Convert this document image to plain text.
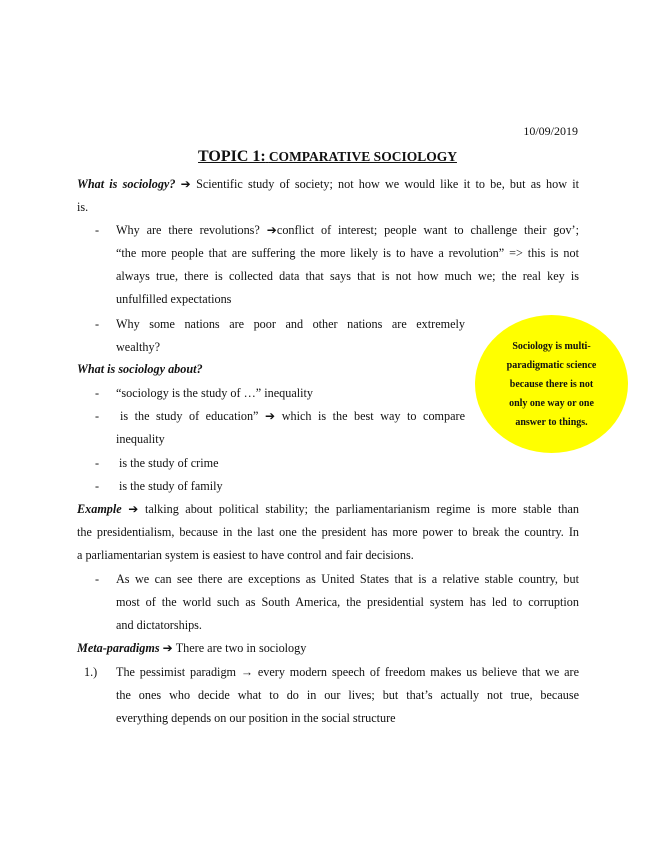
10/09/2019
TOPIC 1: COMPARATIVE SOCIOLOGY
What is sociology? ➔ Scientific study of society; not how we would like it to be, but as how it
is.
- Why are there revolutions? ➔conflict of interest; people want to challenge their gov’;
“the more people that are suffering the more likely is to have a revolution” => this is not
always true, there is collected data that says that is not how much we; the real key is
unfulfilled expectations
- Why some nations are poor and other nations are extremely
wealthy?
What is sociology about?
- “sociology is the study of …” inequality
- is the study of education” ➔ which is the best way to compare
inequality
- is the study of crime
- is the study of family
Example ➔ talking about political stability; the parliamentarianism regime is more stable than
the presidentialism, because in the last one the president has more power to break the country. In
a parliamentarian system is easiest to have control and fair decisions.
- As we can see there are exceptions as United States that is a relative stable country, but
most of the world such as South America, the presidential system has led to corruption
and dictatorships.
Meta-paradigms ➔ There are two in sociology
1.) The pessimist paradigm → every modern speech of freedom makes us believe that we are
the ones who decide what to do in our lives; but that’s actually not true, because
everything depends on our position in the social structure
Sociology is multi-
paradigmatic science
because there is not
only one way or one
answer to things.
